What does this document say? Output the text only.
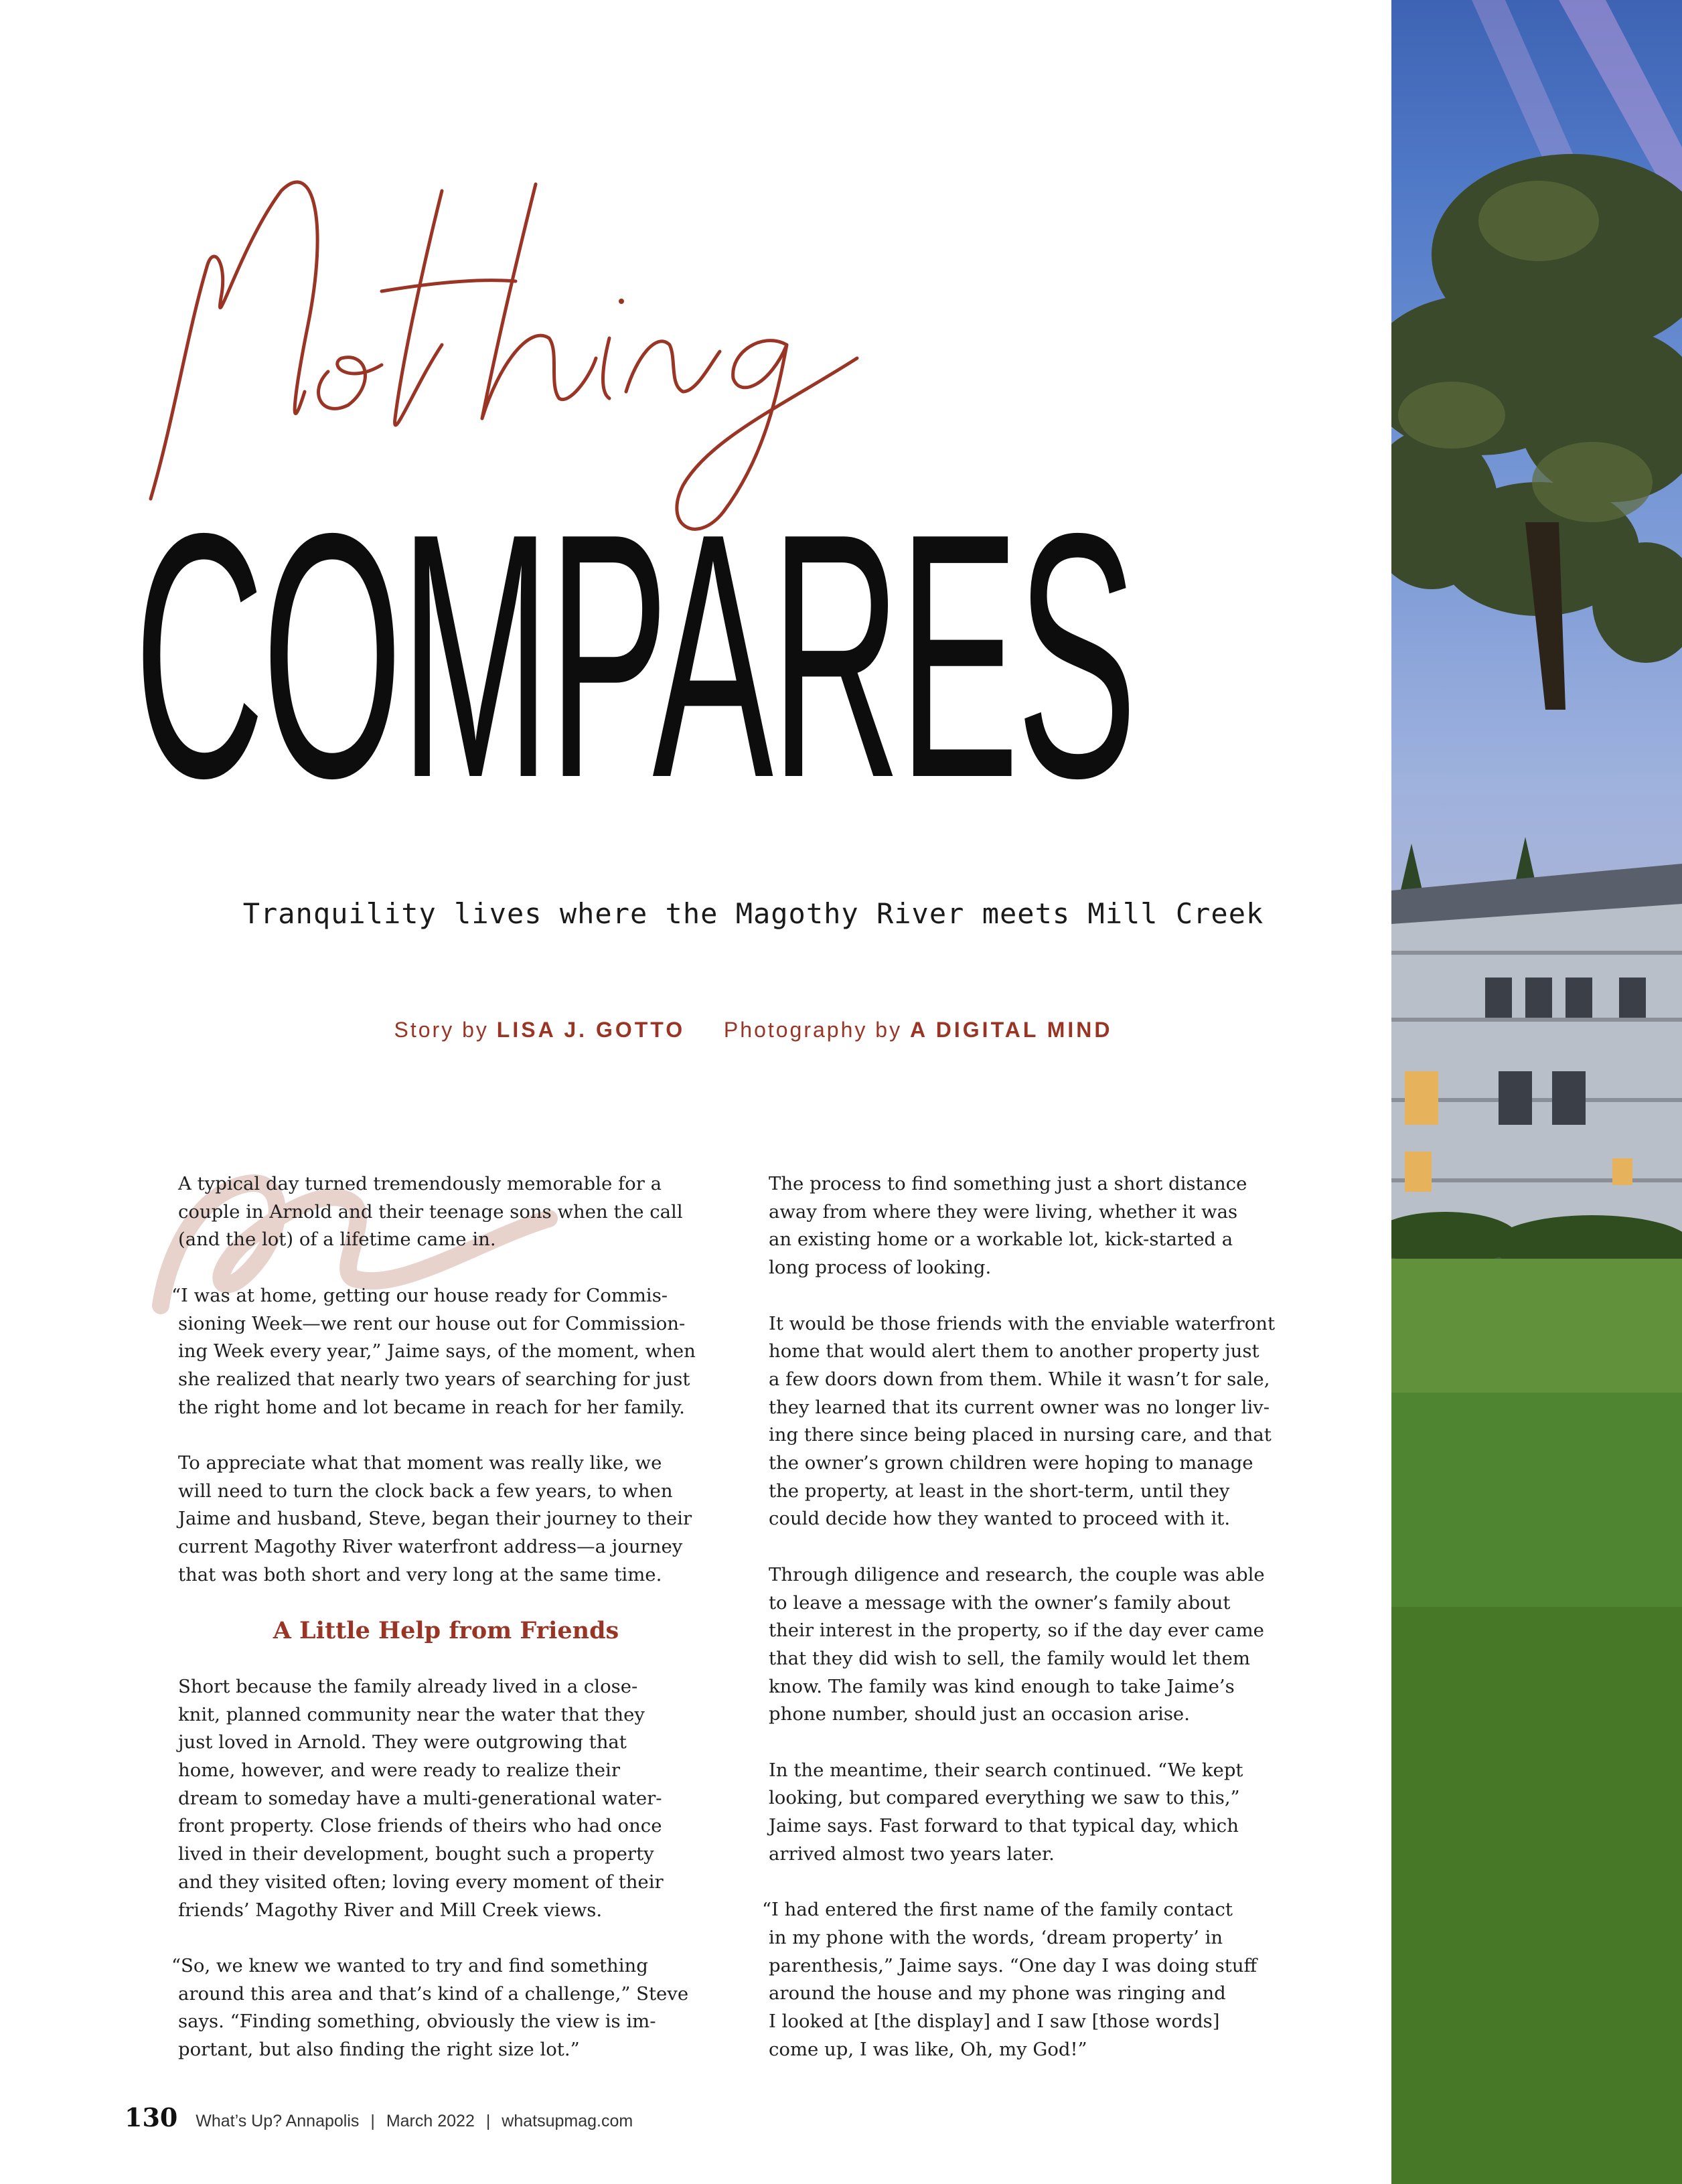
COMPARES
Tranquility lives where the Magothy River meets Mill Creek
Story by LISA J. GOTTO Photography by A DIGITAL MIND

A typical day turned tremendously memorable for a
couple in Arnold and their teenage sons when the call
(and the lot) of a lifetime came in.

“I was at home, getting our house ready for Commis-
sioning Week—we rent our house out for Commission-
ing Week every year,” Jaime says, of the moment, when
she realized that nearly two years of searching for just
the right home and lot became in reach for her family.

To appreciate what that moment was really like, we
will need to turn the clock back a few years, to when
Jaime and husband, Steve, began their journey to their
current Magothy River waterfront address—a journey
that was both short and very long at the same time.

A Little Help from Friends

Short because the family already lived in a close-
knit, planned community near the water that they
just loved in Arnold. They were outgrowing that
home, however, and were ready to realize their
dream to someday have a multi-generational water-
front property. Close friends of theirs who had once
lived in their development, bought such a property
and they visited often; loving every moment of their
friends’ Magothy River and Mill Creek views.

“So, we knew we wanted to try and find something
around this area and that’s kind of a challenge,” Steve
says. “Finding something, obviously the view is im-
portant, but also finding the right size lot.”

The process to find something just a short distance
away from where they were living, whether it was
an existing home or a workable lot, kick-started a
long process of looking.

It would be those friends with the enviable waterfront
home that would alert them to another property just
a few doors down from them. While it wasn’t for sale,
they learned that its current owner was no longer liv-
ing there since being placed in nursing care, and that
the owner’s grown children were hoping to manage
the property, at least in the short-term, until they
could decide how they wanted to proceed with it.

Through diligence and research, the couple was able
to leave a message with the owner’s family about
their interest in the property, so if the day ever came
that they did wish to sell, the family would let them
know. The family was kind enough to take Jaime’s
phone number, should just an occasion arise.

In the meantime, their search continued. “We kept
looking, but compared everything we saw to this,”
Jaime says. Fast forward to that typical day, which
arrived almost two years later.

“I had entered the first name of the family contact
in my phone with the words, ‘dream property’ in
parenthesis,” Jaime says. “One day I was doing stuff
around the house and my phone was ringing and
I looked at [the display] and I saw [those words]
come up, I was like, Oh, my God!”

130 What’s Up? Annapolis | March 2022 | whatsupmag.com
